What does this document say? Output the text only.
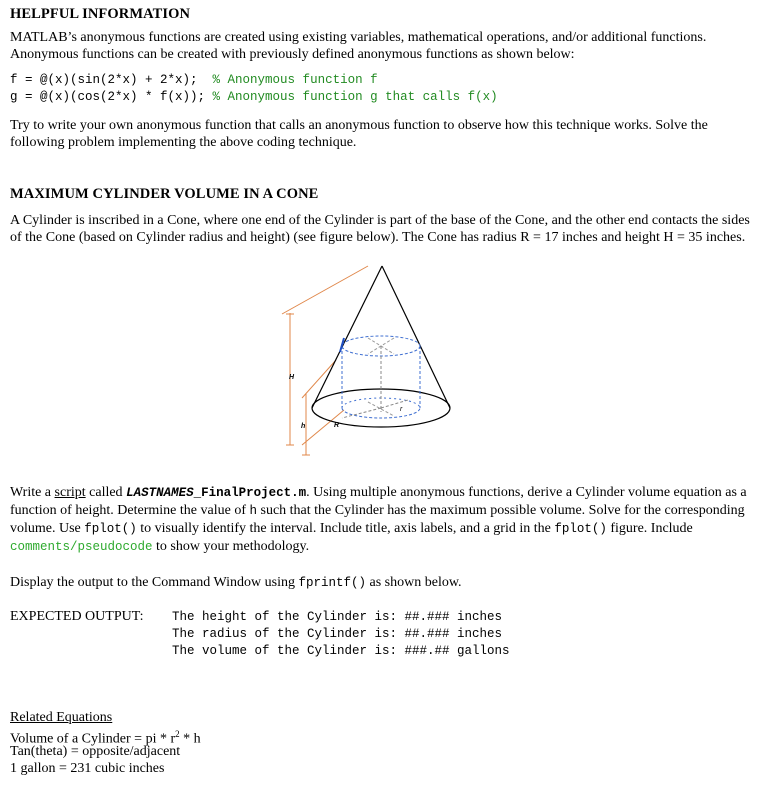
HELPFUL INFORMATION
MATLAB’s anonymous functions are created using existing variables, mathematical operations, and/or additional functions. Anonymous functions can be created with previously defined anonymous functions as shown below:
f = @(x)(sin(2*x) + 2*x);  % Anonymous function f
g = @(x)(cos(2*x) * f(x)); % Anonymous function g that calls f(x)
Try to write your own anonymous function that calls an anonymous function to observe how this technique works. Solve the following problem implementing the above coding technique.
MAXIMUM CYLINDER VOLUME IN A CONE
A Cylinder is inscribed in a Cone, where one end of the Cylinder is part of the base of the Cone, and the other end contacts the sides of the Cone (based on Cylinder radius and height) (see figure below). The Cone has radius R = 17 inches and height H = 35 inches.
H
h	R
r
Write a script called LASTNAMES_FinalProject.m. Using multiple anonymous functions, derive a Cylinder volume equation as a function of height. Determine the value of h such that the Cylinder has the maximum possible volume. Solve for the corresponding volume. Use fplot() to visually identify the interval. Include title, axis labels, and a grid in the fplot() figure. Include comments/pseudocode to show your methodology.
Display the output to the Command Window using fprintf() as shown below.
EXPECTED OUTPUT: The height of the Cylinder is: ##.### inches
The radius of the Cylinder is: ##.### inches
The volume of the Cylinder is: ###.## gallons
Related Equations
Volume of a Cylinder = pi * $r^2$ * h
Tan(theta) = opposite/adjacent
1 gallon = 231 cubic inches
